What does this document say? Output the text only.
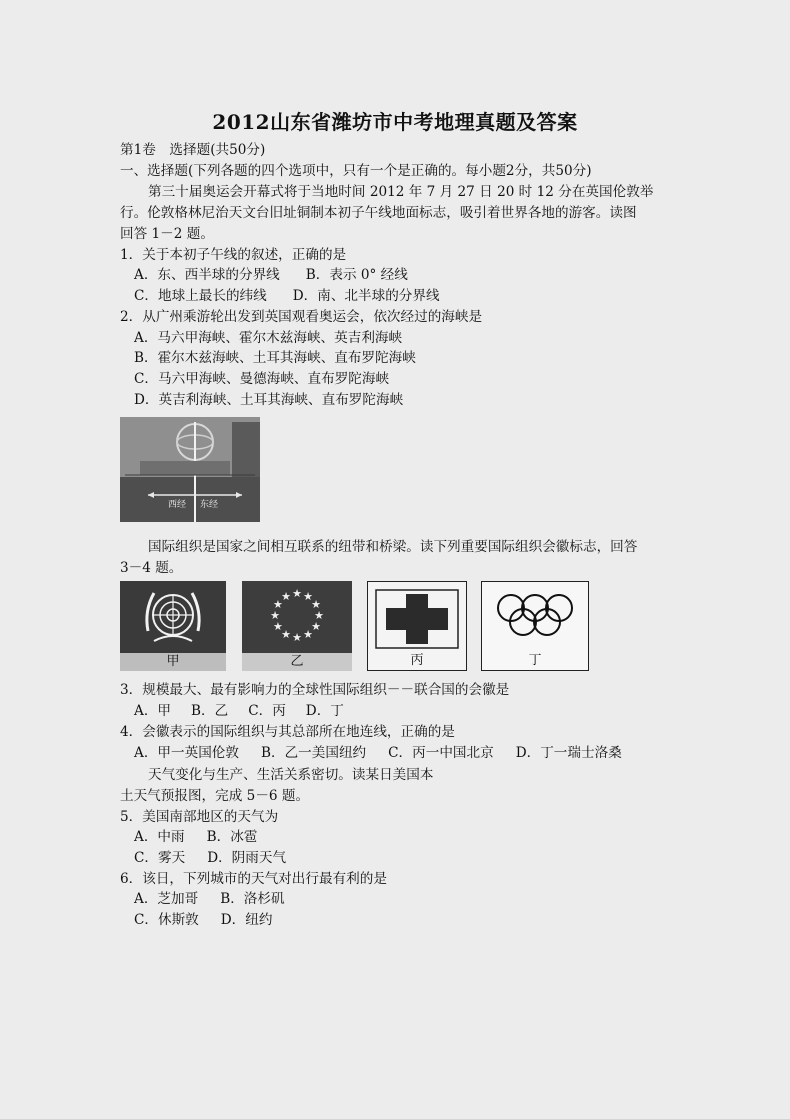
2012山东省潍坊市中考地理真题及答案
第1卷　选择题(共50分)
一、选择题(下列各题的四个选项中，只有一个是正确的。每小题2分，共50分)
第三十届奥运会开幕式将于当地时间 2012 年 7 月 27 日 20 时 12 分在英国伦敦举
行。伦敦格林尼治天文台旧址铜制本初子午线地面标志，吸引着世界各地的游客。读图
回答 1－2 题。
1．关于本初子午线的叙述，正确的是
A．东、西半球的分界线 B．表示 0° 经线
C．地球上最长的纬线 D．南、北半球的分界线
2．从广州乘游轮出发到英国观看奥运会，依次经过的海峡是
A．马六甲海峡、霍尔木兹海峡、英吉利海峡
B．霍尔木兹海峡、土耳其海峡、直布罗陀海峡
C．马六甲海峡、曼德海峡、直布罗陀海峡
D．英吉利海峡、土耳其海峡、直布罗陀海峡
西经 东经
国际组织是国家之间相互联系的纽带和桥梁。读下列重要国际组织会徽标志，回答
3－4 题。
甲
★ ★
★
★
★
★
★
★
★
★
★
★
乙	丙	丁
3．规模最大、最有影响力的全球性国际组织－－联合国的会徽是
A．甲 B．乙 C．丙 D．丁
4．会徽表示的国际组织与其总部所在地连线，正确的是
A．甲一英国伦敦 B．乙一美国纽约 C．丙一中国北京 D．丁一瑞士洛桑
天气变化与生产、生活关系密切。读某日美国本
土天气预报图，完成 5－6 题。
5．美国南部地区的天气为
A．中雨 B．冰雹
C．雾天 D．阴雨天气
6．该日，下列城市的天气对出行最有利的是
A．芝加哥 B．洛杉矶
C．休斯敦 D．纽约
